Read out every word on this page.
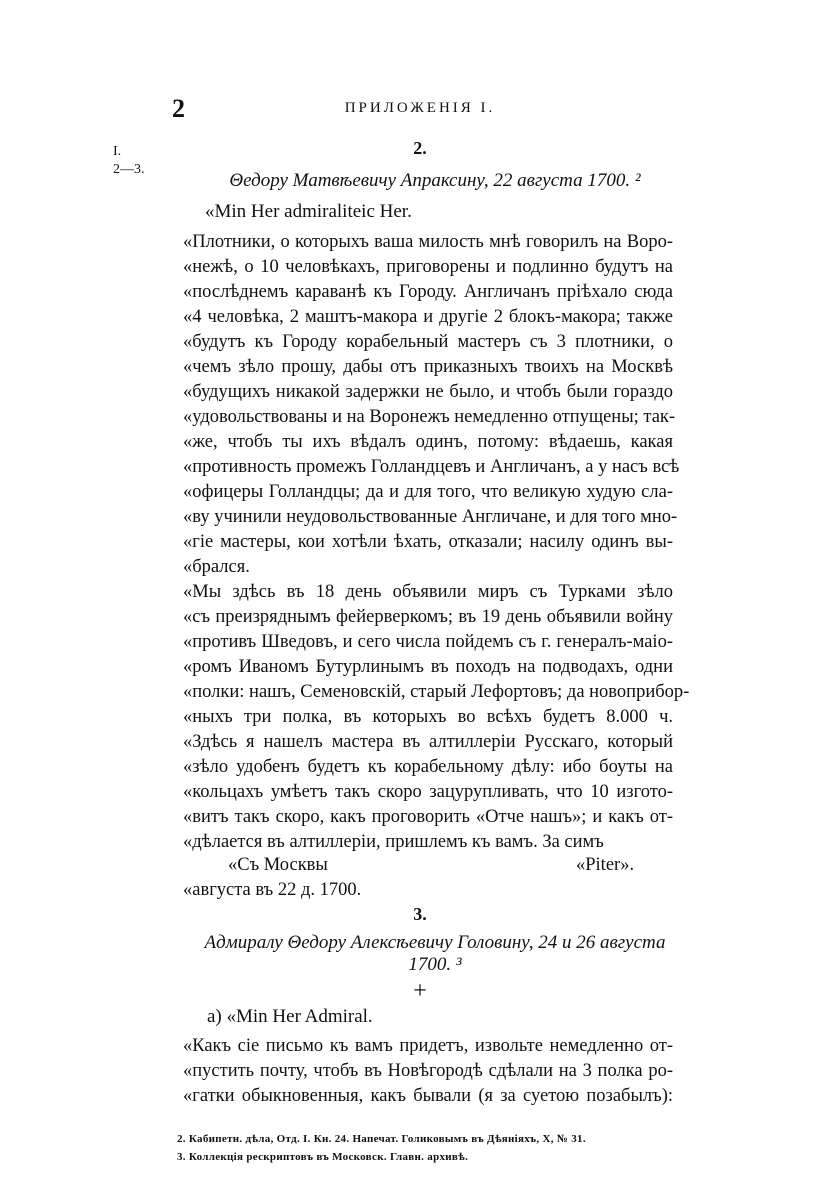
2	ПРИЛОЖЕНІЯ I.
I.
2—3.
2.
Θедору Матвѣевичу Апраксину, 22 августа 1700. ²
«Min Her admiraliteic Her.
«Плотники, о которыхъ ваша милость мнѣ говорилъ на Воро-
«нежѣ, о 10 человѣкахъ, приговорены и подлинно будутъ на
«послѣднемъ караванѣ къ Городу. Англичанъ пріѣхало сюда
«4 человѣка, 2 маштъ-макора и другіе 2 блокъ-макора; также
«будутъ къ Городу корабельный мастеръ съ 3 плотники, о
«чемъ зѣло прошу, дабы отъ приказныхъ твоихъ на Москвѣ
«будущихъ никакой задержки не было, и чтобъ были гораздо
«удовольствованы и на Воронежъ немедленно отпущены; так-
«же, чтобъ ты ихъ вѣдалъ одинъ, потому: вѣдаешь, какая
«противность промежъ Голландцевъ и Англичанъ, а у насъ всѣ
«офицеры Голландцы; да и для того, что великую худую сла-
«ву учинили неудовольствованные Англичане, и для того мно-
«гіе мастеры, кои хотѣли ѣхать, отказали; насилу одинъ вы-
«брался.
«Мы здѣсь въ 18 день объявили миръ съ Турками зѣло
«съ преизряднымъ фейерверкомъ; въ 19 день объявили войну
«противъ Шведовъ, и сего числа пойдемъ съ г. генералъ-маіо-
«ромъ Иваномъ Бутурлинымъ въ походъ на подводахъ, одни
«полки: нашъ, Семеновскій, старый Лефортовъ; да новоприбор-
«ныхъ три полка, въ которыхъ во всѣхъ будетъ 8.000 ч.
«Здѣсь я нашелъ мастера въ алтиллеріи Русскаго, который
«зѣло удобенъ будетъ къ корабельному дѣлу: ибо боуты на
«кольцахъ умѣетъ такъ скоро зацурупливать, что 10 изгото-
«витъ такъ скоро, какъ проговорить «Отче нашъ»; и какъ от-
«дѣлается въ алтиллеріи, пришлемъ къ вамъ. За симъ
«Съ Москвы	«Piter».
«августа въ 22 д. 1700.
3.
Адмиралу Θедору Алексѣевичу Головину, 24 и 26 августа 1700. ³
+
a) «Min Her Admiral.
«Какъ сіе письмо къ вамъ придетъ, извольте немедленно от-
«пустить почту, чтобъ въ Новѣгородѣ сдѣлали на 3 полка ро-
«гатки обыкновенныя, какъ бывали (я за суетою позабылъ):
2. Кабипетн. дѣла, Отд. I. Кн. 24. Напечат. Голиковымъ въ Дѣяніяхъ, X, № 31.
3. Коллекція рескриптовъ въ Московск. Главн. архивѣ.
